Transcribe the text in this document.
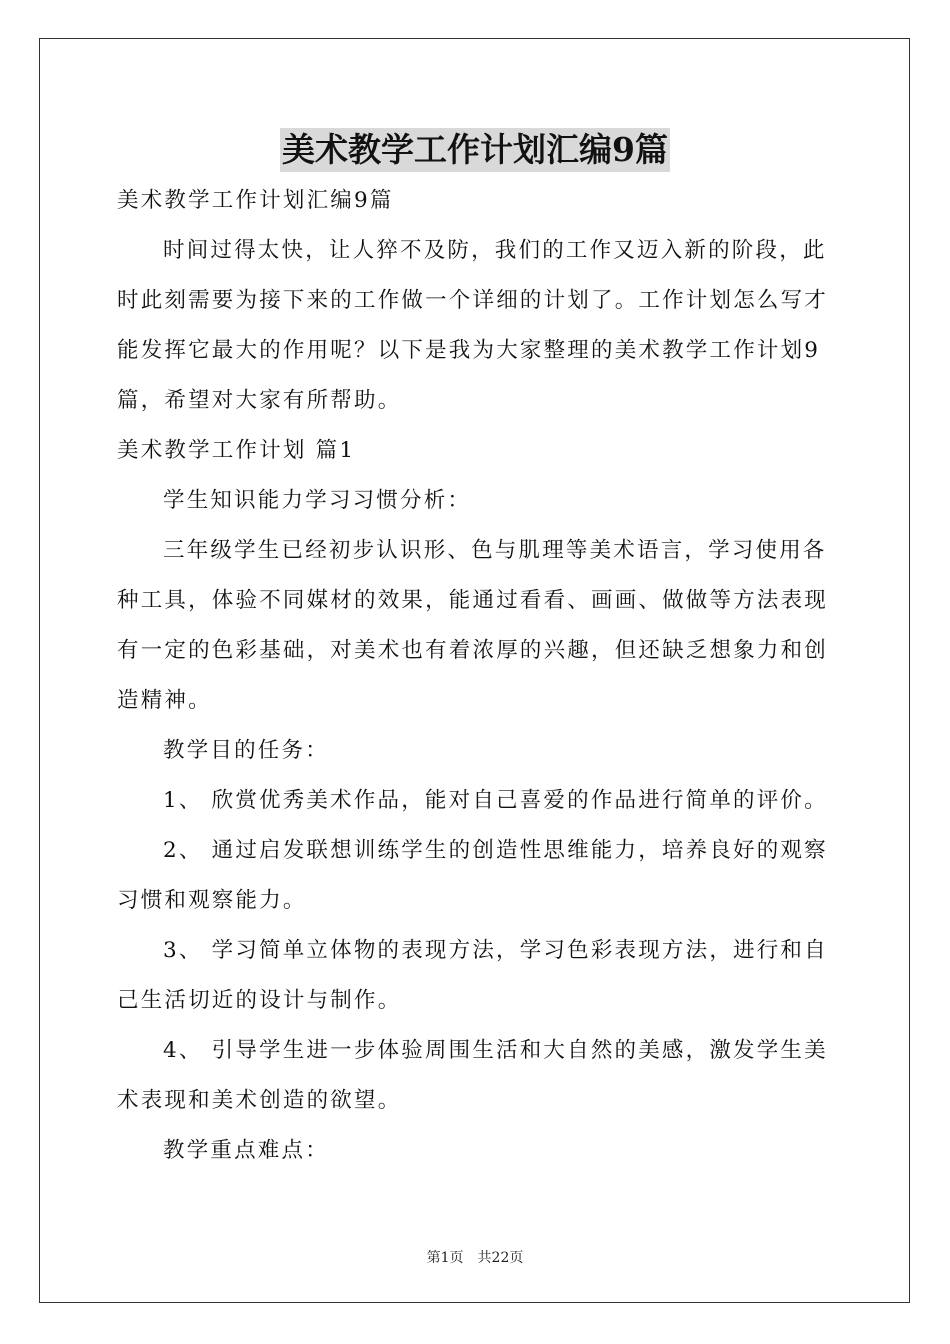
美术教学工作计划汇编9篇

美术教学工作计划汇编9篇

时间过得太快，让人猝不及防，我们的工作又迈入新的阶段，此时此刻需要为接下来的工作做一个详细的计划了。工作计划怎么写才能发挥它最大的作用呢？以下是我为大家整理的美术教学工作计划9篇，希望对大家有所帮助。

美术教学工作计划 篇1

学生知识能力学习习惯分析：

三年级学生已经初步认识形、色与肌理等美术语言，学习使用各种工具，体验不同媒材的效果，能通过看看、画画、做做等方法表现有一定的色彩基础，对美术也有着浓厚的兴趣，但还缺乏想象力和创造精神。

教学目的任务：

1、 欣赏优秀美术作品，能对自己喜爱的作品进行简单的评价。

2、 通过启发联想训练学生的创造性思维能力，培养良好的观察习惯和观察能力。

3、 学习简单立体物的表现方法，学习色彩表现方法，进行和自己生活切近的设计与制作。

4、 引导学生进一步体验周围生活和大自然的美感，激发学生美术表现和美术创造的欲望。

教学重点难点：

第1页　共22页
